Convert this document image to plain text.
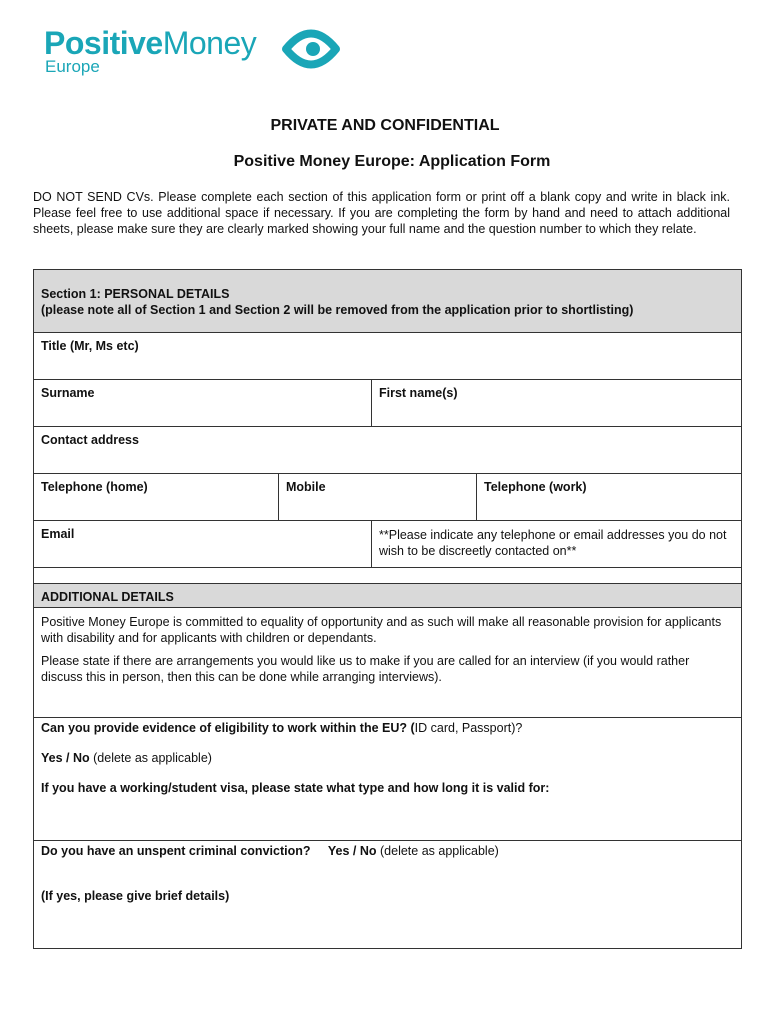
PositiveMoney
Europe
PRIVATE AND CONFIDENTIAL
Positive Money Europe: Application Form
DO NOT SEND CVs. Please complete each section of this application form or print off a blank copy and write in black ink. Please feel free to use additional space if necessary. If you are completing the form by hand and need to attach additional sheets, please make sure they are clearly marked showing your full name and the question number to which they relate.

Section 1: PERSONAL DETAILS

(please note all of Section 1 and Section 2 will be removed from the application prior to shortlisting)

Title (Mr, Ms etc)
Surname	First name(s)
Contact address
Telephone (home)	Mobile	Telephone (work)
Email	**Please indicate any telephone or email addresses you do not wish to be discreetly contacted on**
ADDITIONAL DETAILS

Positive Money Europe is committed to equality of opportunity and as such will make all reasonable provision for applicants with disability and for applicants with children or dependants.

Please state if there are arrangements you would like us to make if you are called for an interview (if you would rather discuss this in person, then this can be done while arranging interviews).

Can you provide evidence of eligibility to work within the EU? (ID card, Passport)?

Yes / No (delete as applicable)

If you have a working/student visa, please state what type and how long it is valid for:

Do you have an unspent criminal conviction? Yes / No (delete as applicable)

(If yes, please give brief details)
